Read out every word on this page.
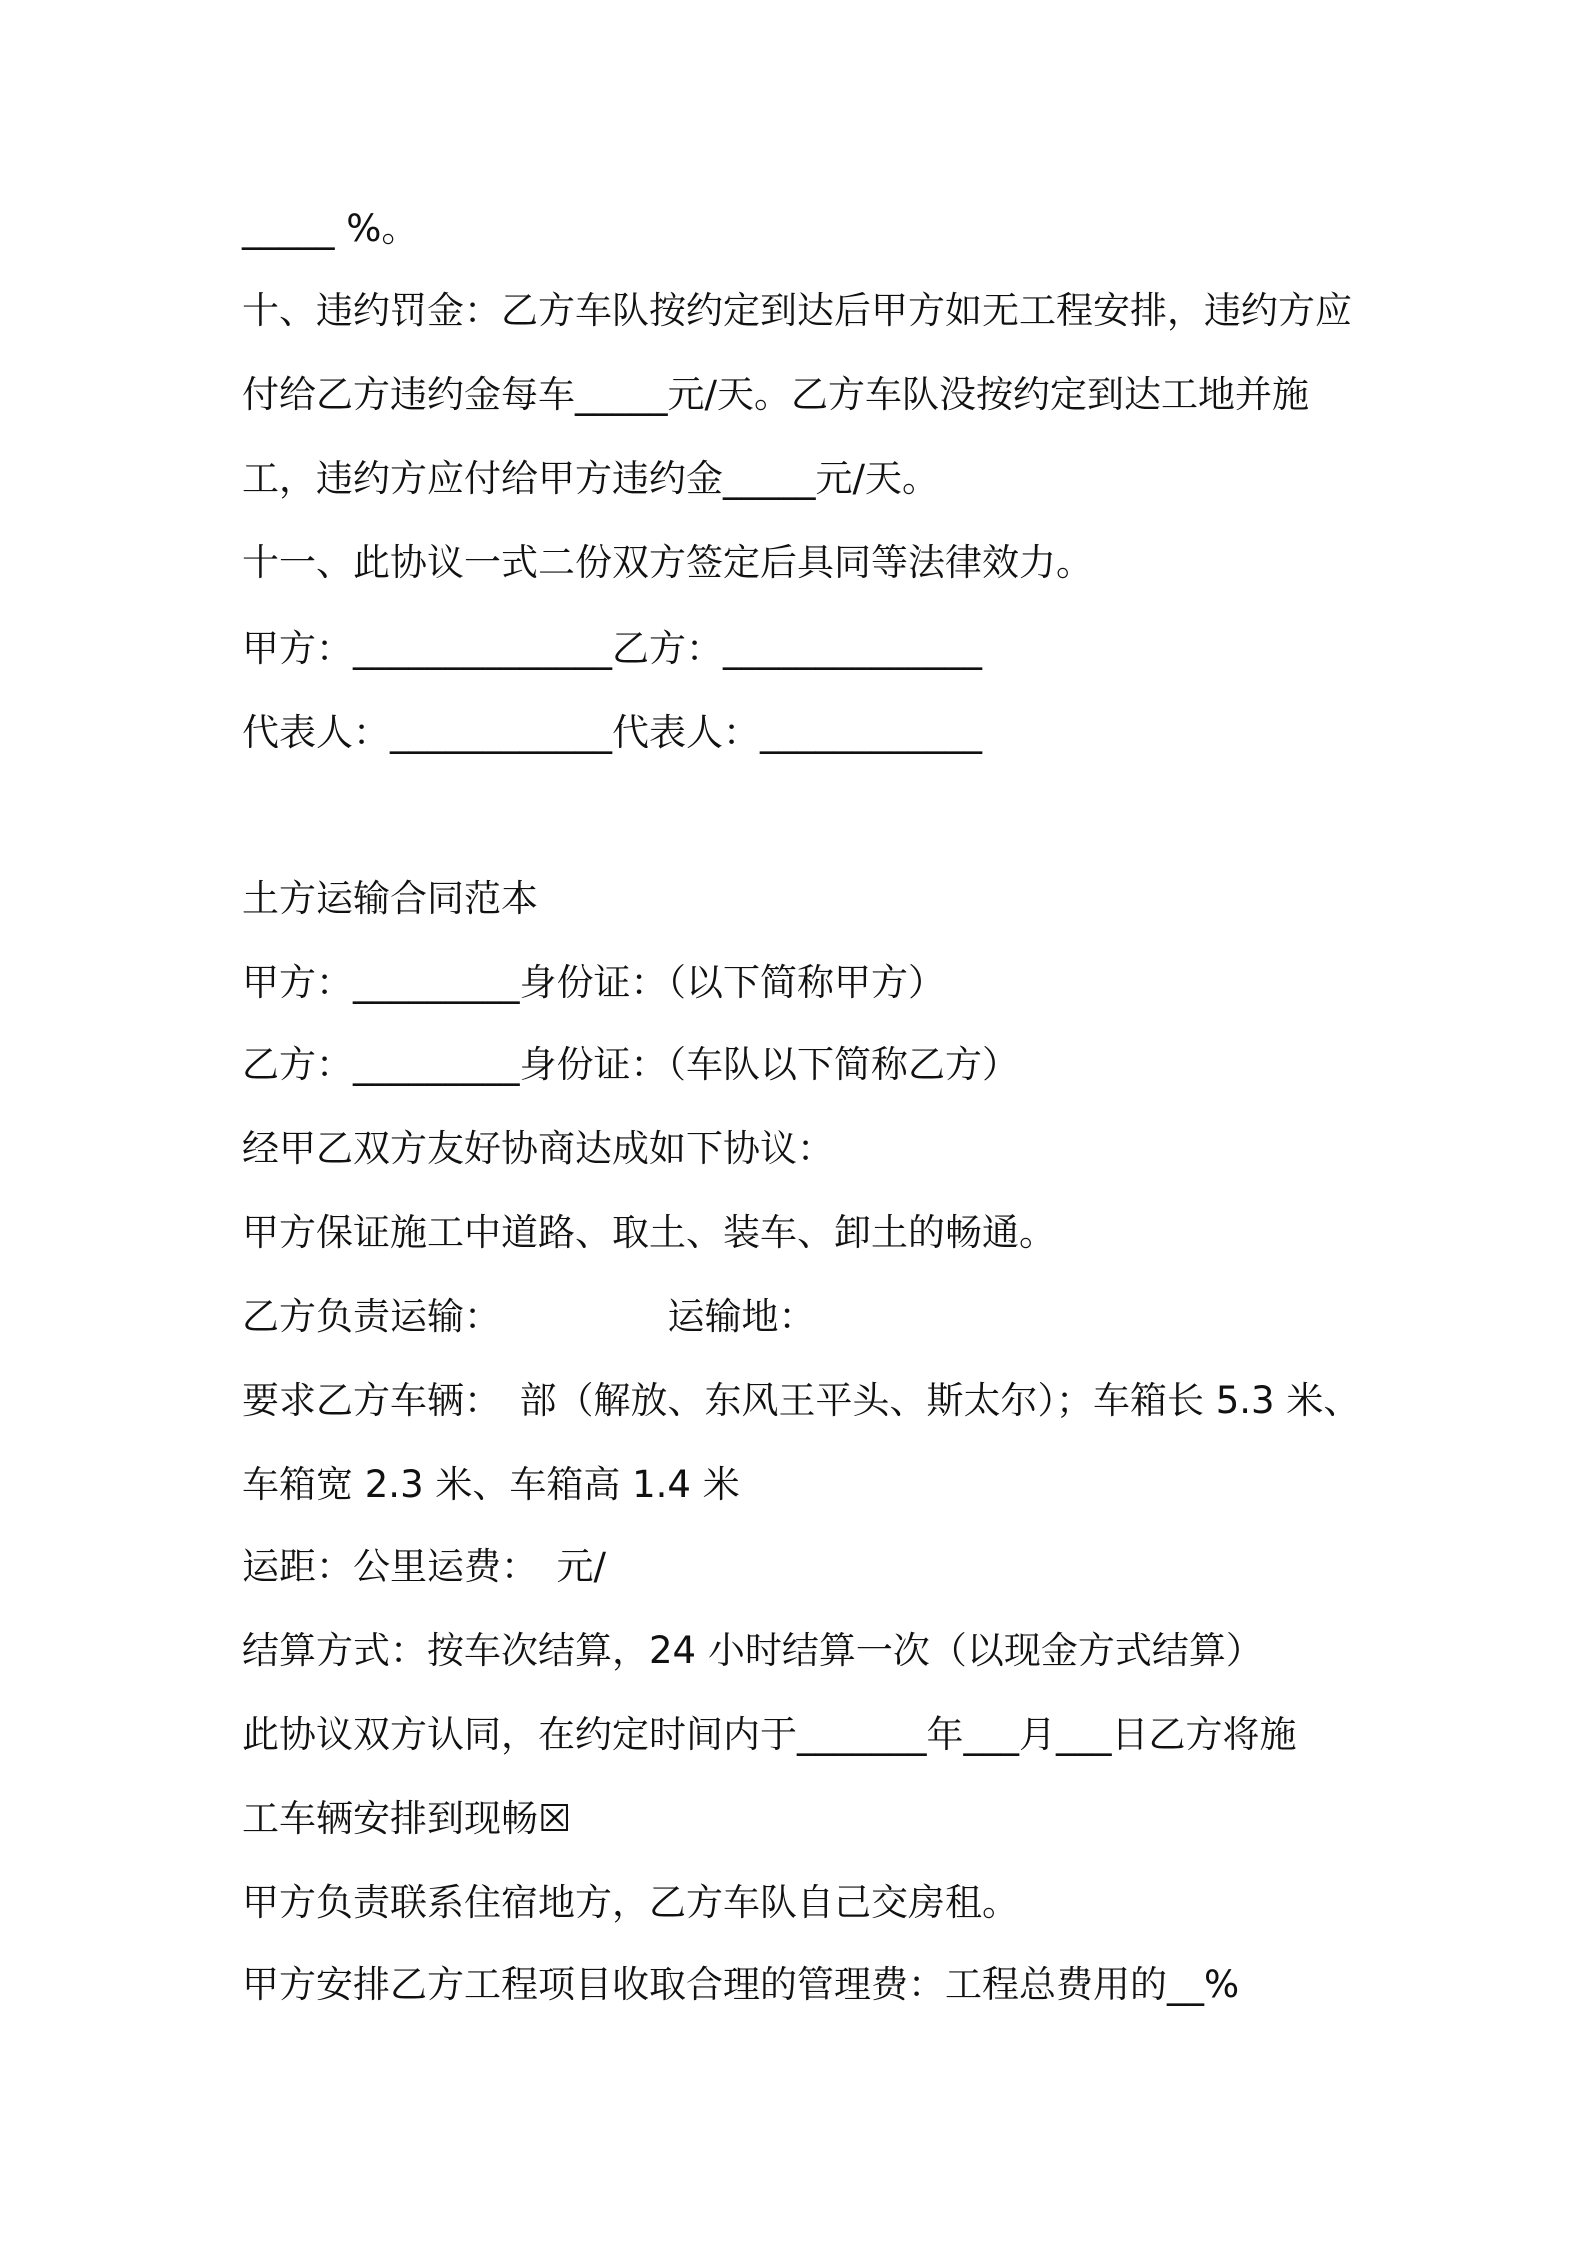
_____ %。
十、违约罚金：乙方车队按约定到达后甲方如无工程安排，违约方应
付给乙方违约金每车_____元/天。乙方车队没按约定到达工地并施
工，违约方应付给甲方违约金_____元/天。
十一、此协议一式二份双方签定后具同等法律效力。
甲方：______________乙方：______________
代表人：____________代表人：____________
土方运输合同范本
甲方：_________身份证：（以下简称甲方）
乙方：_________身份证：（车队以下简称乙方）
经甲乙双方友好协商达成如下协议：
甲方保证施工中道路、取土、装车、卸土的畅通。
乙方负责运输：　　　　　运输地：
要求乙方车辆：　部（解放、东风王平头、斯太尔）；车箱长 5.3 米、
车箱宽 2.3 米、车箱高 1.4 米
运距：公里运费：　元/
结算方式：按车次结算，24 小时结算一次（以现金方式结算）
此协议双方认同，在约定时间内于_______年___月___日乙方将施
工车辆安排到现畅☒
甲方负责联系住宿地方，乙方车队自己交房租。
甲方安排乙方工程项目收取合理的管理费：工程总费用的__%
